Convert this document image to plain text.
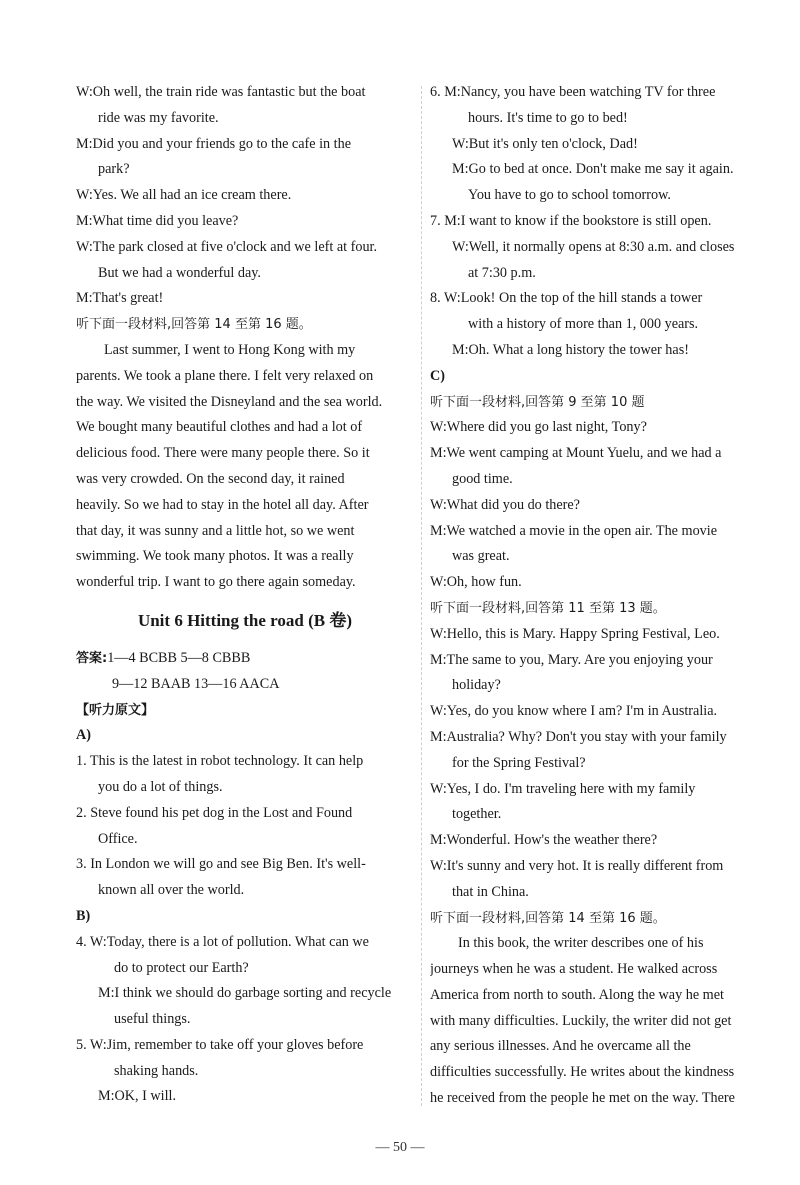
W:Oh well, the train ride was fantastic but the boat
ride was my favorite.
M:Did you and your friends go to the cafe in the
park?
W:Yes. We all had an ice cream there.
M:What time did you leave?
W:The park closed at five o'clock and we left at four.
But we had a wonderful day.
M:That's great!
听下面一段材料,回答第 14 至第 16 题。
Last summer, I went to Hong Kong with my
parents. We took a plane there. I felt very relaxed on
the way. We visited the Disneyland and the sea world.
We bought many beautiful clothes and had a lot of
delicious food. There were many people there. So it
was very crowded. On the second day, it rained
heavily. So we had to stay in the hotel all day. After
that day, it was sunny and a little hot, so we went
swimming. We took many photos. It was a really
wonderful trip. I want to go there again someday.
Unit 6 Hitting the road (B 卷)
答案:1—4 BCBB 5—8 CBBB
9—12 BAAB 13—16 AACA
【听力原文】
A)
1. This is the latest in robot technology. It can help
you do a lot of things.
2. Steve found his pet dog in the Lost and Found
Office.
3. In London we will go and see Big Ben. It's well-
known all over the world.
B)
4. W:Today, there is a lot of pollution. What can we
do to protect our Earth?
M:I think we should do garbage sorting and recycle
useful things.
5. W:Jim, remember to take off your gloves before
shaking hands.
M:OK, I will.
6. M:Nancy, you have been watching TV for three
hours. It's time to go to bed!
W:But it's only ten o'clock, Dad!
M:Go to bed at once. Don't make me say it again.
You have to go to school tomorrow.
7. M:I want to know if the bookstore is still open.
W:Well, it normally opens at 8:30 a.m. and closes
at 7:30 p.m.
8. W:Look! On the top of the hill stands a tower
with a history of more than 1, 000 years.
M:Oh. What a long history the tower has!
C)
听下面一段材料,回答第 9 至第 10 题
W:Where did you go last night, Tony?
M:We went camping at Mount Yuelu, and we had a
good time.
W:What did you do there?
M:We watched a movie in the open air. The movie
was great.
W:Oh, how fun.
听下面一段材料,回答第 11 至第 13 题。
W:Hello, this is Mary. Happy Spring Festival, Leo.
M:The same to you, Mary. Are you enjoying your
holiday?
W:Yes, do you know where I am? I'm in Australia.
M:Australia? Why? Don't you stay with your family
for the Spring Festival?
W:Yes, I do. I'm traveling here with my family
together.
M:Wonderful. How's the weather there?
W:It's sunny and very hot. It is really different from
that in China.
听下面一段材料,回答第 14 至第 16 题。
In this book, the writer describes one of his
journeys when he was a student. He walked across
America from north to south. Along the way he met
with many difficulties. Luckily, the writer did not get
any serious illnesses. And he overcame all the
difficulties successfully. He writes about the kindness
he received from the people he met on the way. There
— 50 —
